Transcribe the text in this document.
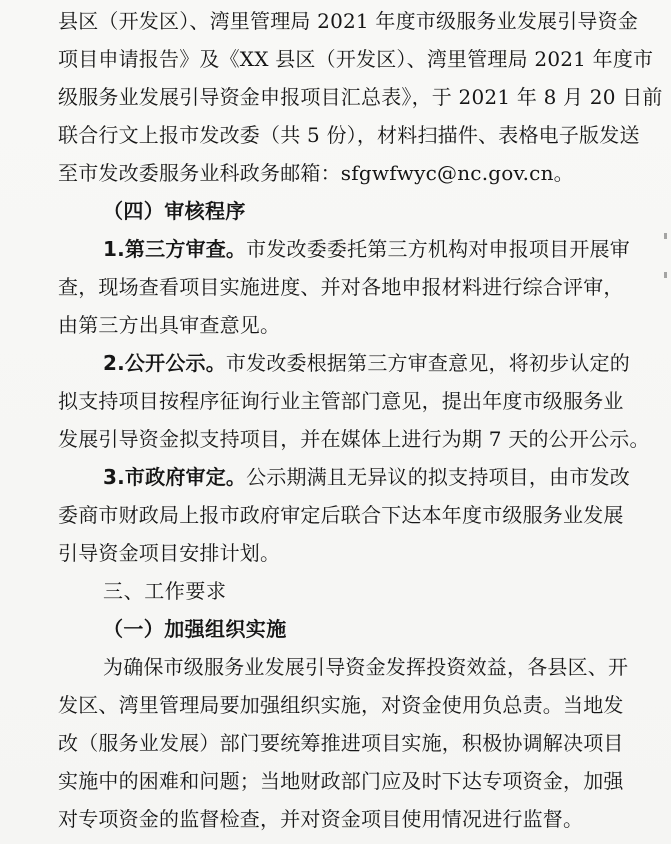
县区（开发区）、湾里管理局 2021 年度市级服务业发展引导资金
项目申请报告》及《XX 县区（开发区）、湾里管理局 2021 年度市
级服务业发展引导资金申报项目汇总表》，于 2021 年 8 月 20 日前
联合行文上报市发改委（共 5 份），材料扫描件、表格电子版发送
至市发改委服务业科政务邮箱：sfgwfwyc@nc.gov.cn。
（四）审核程序
1.第三方审查。市发改委委托第三方机构对申报项目开展审
查，现场查看项目实施进度、并对各地申报材料进行综合评审，
由第三方出具审查意见。
2.公开公示。市发改委根据第三方审查意见，将初步认定的
拟支持项目按程序征询行业主管部门意见，提出年度市级服务业
发展引导资金拟支持项目，并在媒体上进行为期 7 天的公开公示。
3.市政府审定。公示期满且无异议的拟支持项目，由市发改
委商市财政局上报市政府审定后联合下达本年度市级服务业发展
引导资金项目安排计划。
三、工作要求
（一）加强组织实施
为确保市级服务业发展引导资金发挥投资效益，各县区、开
发区、湾里管理局要加强组织实施，对资金使用负总责。当地发
改（服务业发展）部门要统筹推进项目实施，积极协调解决项目
实施中的困难和问题；当地财政部门应及时下达专项资金，加强
对专项资金的监督检查，并对资金项目使用情况进行监督。
